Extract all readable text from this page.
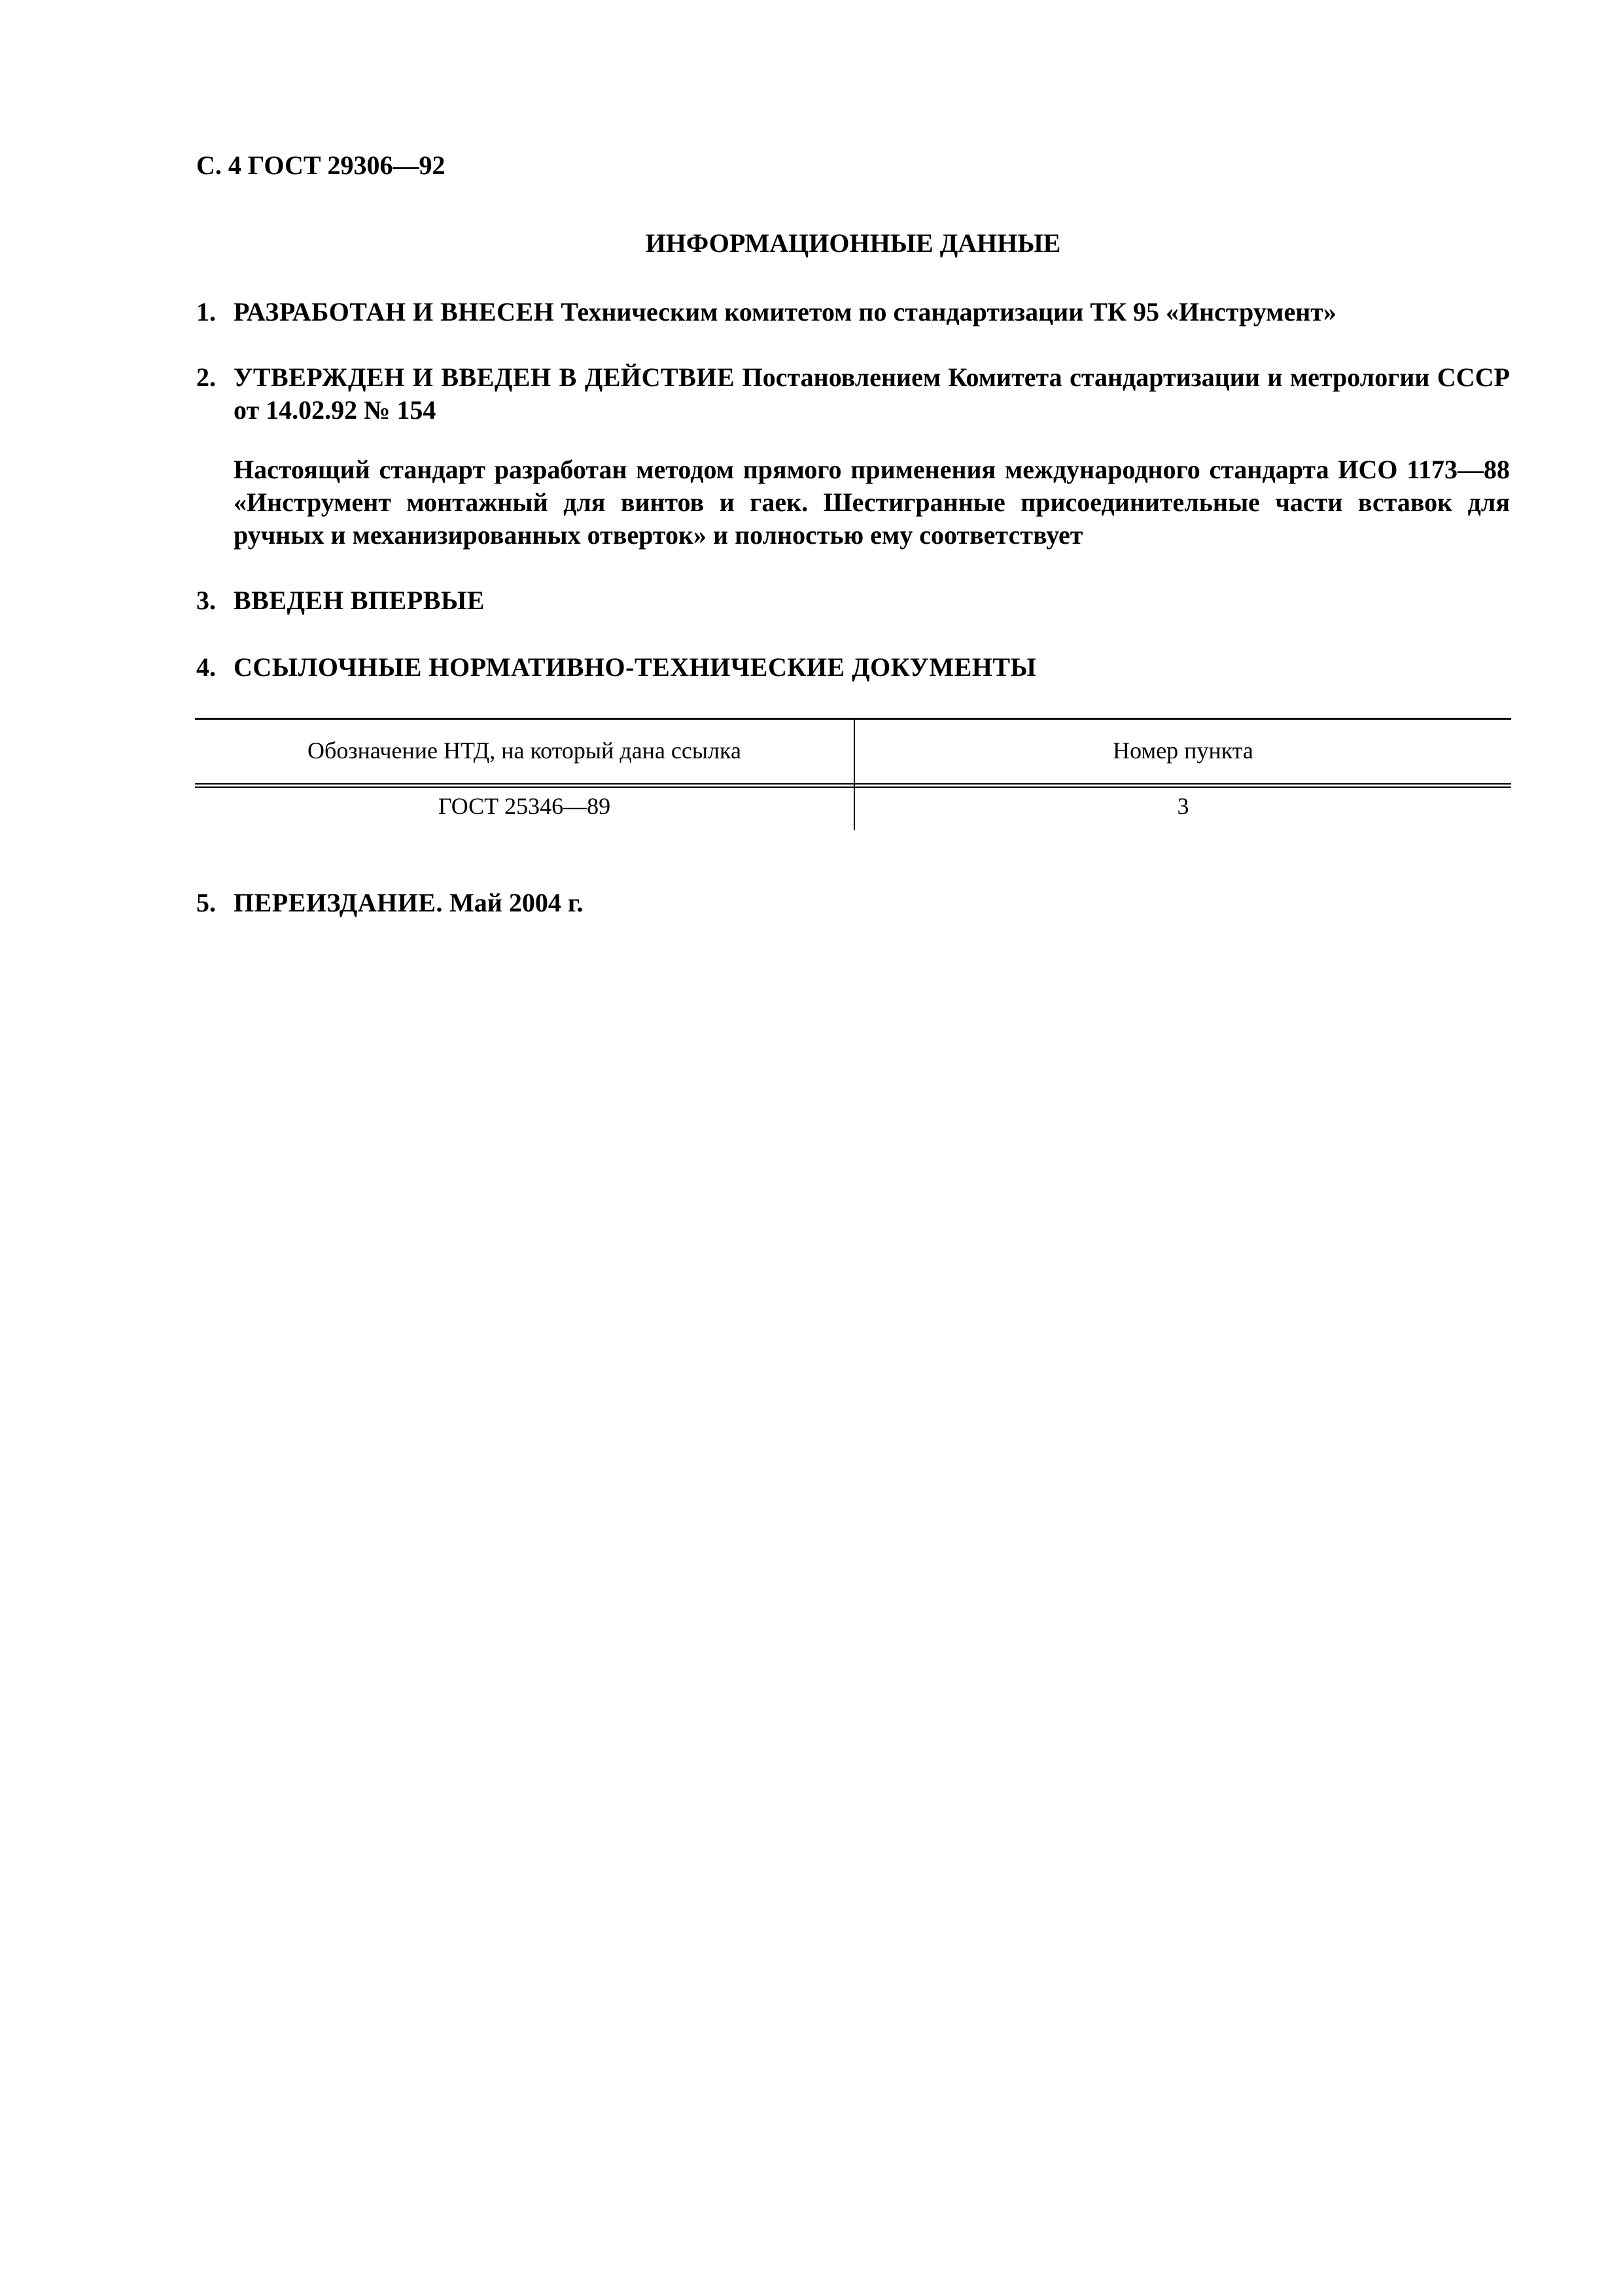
С. 4 ГОСТ 29306—92
ИНФОРМАЦИОННЫЕ ДАННЫЕ
1. РАЗРАБОТАН И ВНЕСЕН Техническим комитетом по стандартизации ТК 95 «Инструмент»
2. УТВЕРЖДЕН И ВВЕДЕН В ДЕЙСТВИЕ Постановлением Комитета стандартизации и метрологии СССР от 14.02.92 № 154
Настоящий стандарт разработан методом прямого применения международного стандарта ИСО 1173—88 «Инструмент монтажный для винтов и гаек. Шестигранные присоединительные части вставок для ручных и механизированных отверток» и полностью ему соответствует
3. ВВЕДЕН ВПЕРВЫЕ
4. ССЫЛОЧНЫЕ НОРМАТИВНО-ТЕХНИЧЕСКИЕ ДОКУМЕНТЫ
Обозначение НТД, на который дана ссылка	Номер пункта
ГОСТ 25346—89	3
5. ПЕРЕИЗДАНИЕ. Май 2004 г.
